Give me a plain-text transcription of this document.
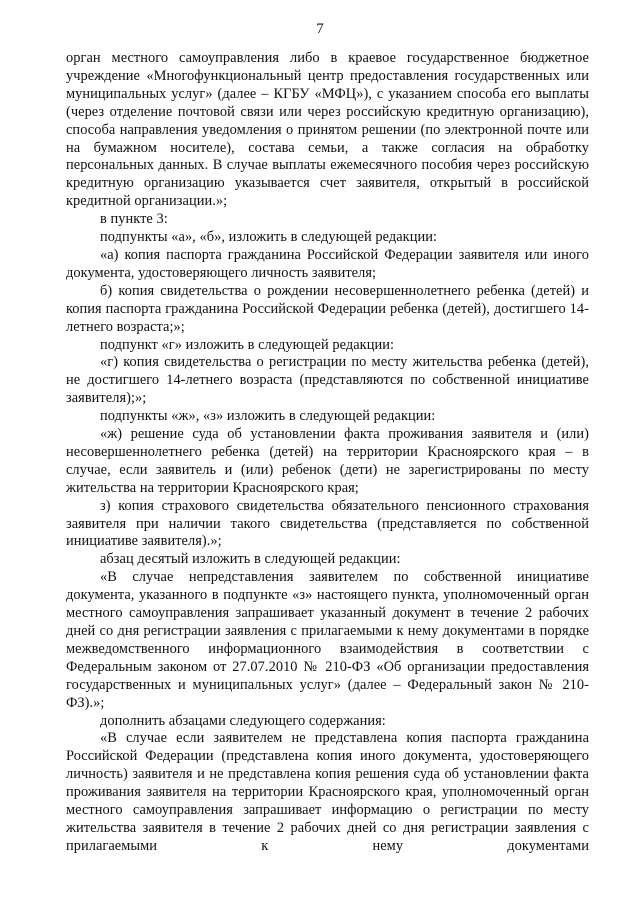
7

орган местного самоуправления либо в краевое государственное бюджетное учреждение «Многофункциональный центр предоставления государственных или муниципальных услуг» (далее – КГБУ «МФЦ»), с указанием способа его выплаты (через отделение почтовой связи или через российскую кредитную организацию), способа направления уведомления о принятом решении (по электронной почте или на бумажном носителе), состава семьи, а также согласия на обработку персональных данных. В случае выплаты ежемесячного пособия через российскую кредитную организацию указывается счет заявителя, открытый в российской кредитной организации.»;

в пункте 3:

подпункты «а», «б», изложить в следующей редакции:

«а) копия паспорта гражданина Российской Федерации заявителя или иного документа, удостоверяющего личность заявителя;

б) копия свидетельства о рождении несовершеннолетнего ребенка (детей) и копия паспорта гражданина Российской Федерации ребенка (детей), достигшего 14-летнего возраста;»;

подпункт «г» изложить в следующей редакции:

«г) копия свидетельства о регистрации по месту жительства ребенка (детей), не достигшего 14-летнего возраста (представляются по собственной инициативе заявителя);»;

подпункты «ж», «з» изложить в следующей редакции:

«ж) решение суда об установлении факта проживания заявителя и (или) несовершеннолетнего ребенка (детей) на территории Красноярского края – в случае, если заявитель и (или) ребенок (дети) не зарегистрированы по месту жительства на территории Красноярского края;

з) копия страхового свидетельства обязательного пенсионного страхования заявителя при наличии такого свидетельства (представляется по собственной инициативе заявителя).»;

абзац десятый изложить в следующей редакции:

«В случае непредставления заявителем по собственной инициативе документа, указанного в подпункте «з» настоящего пункта, уполномоченный орган местного самоуправления запрашивает указанный документ в течение 2 рабочих дней со дня регистрации заявления с прилагаемыми к нему документами в порядке межведомственного информационного взаимодействия в соответствии с Федеральным законом от 27.07.2010 № 210-ФЗ «Об организации предоставления государственных и муниципальных услуг» (далее – Федеральный закон № 210-ФЗ).»;

дополнить абзацами следующего содержания:

«В случае если заявителем не представлена копия паспорта гражданина Российской Федерации (представлена копия иного документа, удостоверяющего личность) заявителя и не представлена копия решения суда об установлении факта проживания заявителя на территории Красноярского края, уполномоченный орган местного самоуправления запрашивает информацию о регистрации по месту жительства заявителя в течение 2 рабочих дней со дня регистрации заявления с прилагаемыми к нему документами
